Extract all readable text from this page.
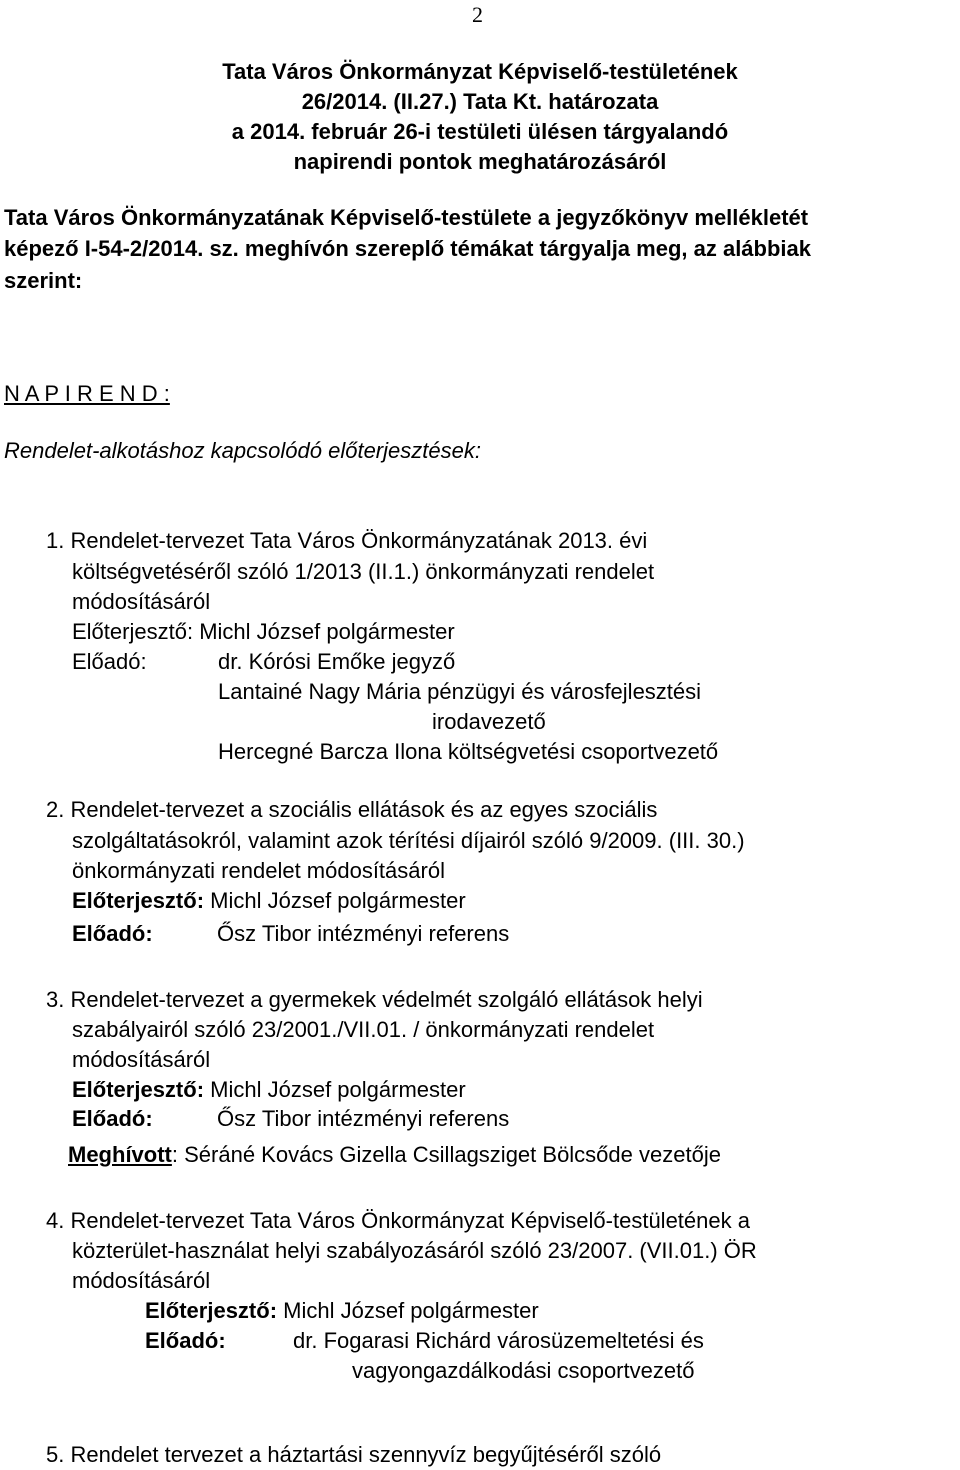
2
Tata Város Önkormányzat Képviselő-testületének
26/2014. (II.27.) Tata Kt. határozata
a 2014. február 26-i testületi ülésen tárgyalandó
napirendi pontok meghatározásáról
Tata Város Önkormányzatának Képviselő-testülete a jegyzőkönyv mellékletét
képező I-54-2/2014. sz. meghívón szereplő témákat tárgyalja meg, az alábbiak
szerint:
N A P I R E N D :
Rendelet-alkotáshoz kapcsolódó előterjesztések:
1. Rendelet-tervezet Tata Város Önkormányzatának 2013. évi
költségvetéséről szóló 1/2013 (II.1.) önkormányzati rendelet
módosításáról
Előterjesztő: Michl József polgármester
Előadó:	dr. Kórósi Emőke jegyző
Lantainé Nagy Mária pénzügyi és városfejlesztési
irodavezető
Hercegné Barcza Ilona költségvetési csoportvezető
2. Rendelet-tervezet a szociális ellátások és az egyes szociális
szolgáltatásokról, valamint azok térítési díjairól szóló 9/2009. (III. 30.)
önkormányzati rendelet módosításáról
Előterjesztő: Michl József polgármester
Előadó:	Ősz Tibor intézményi referens
3. Rendelet-tervezet a gyermekek védelmét szolgáló ellátások helyi
szabályairól szóló 23/2001./VII.01. / önkormányzati rendelet
módosításáról
Előterjesztő: Michl József polgármester
Előadó:	Ősz Tibor intézményi referens
Meghívott: Séráné Kovács Gizella Csillagsziget Bölcsőde vezetője
4. Rendelet-tervezet Tata Város Önkormányzat Képviselő-testületének a
közterület-használat helyi szabályozásáról szóló 23/2007. (VII.01.) ÖR
módosításáról
Előterjesztő: Michl József polgármester
Előadó:	dr. Fogarasi Richárd városüzemeltetési és
vagyongazdálkodási csoportvezető
5. Rendelet tervezet a háztartási szennyvíz begyűjtéséről szóló
